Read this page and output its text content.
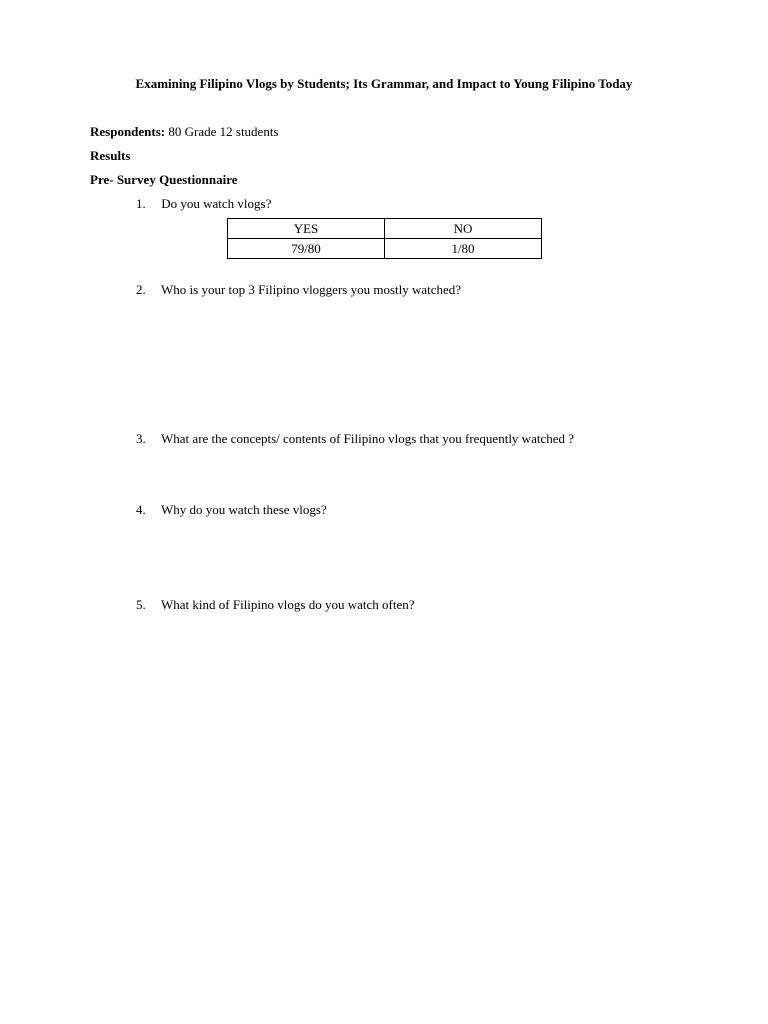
Examining Filipino Vlogs by Students; Its Grammar, and Impact to Young Filipino Today
Respondents: 80 Grade 12 students
Results
Pre- Survey Questionnaire
1. Do you watch vlogs?
YES	NO
79/80	1/80
2. Who is your top 3 Filipino vloggers you mostly watched?
3. What are the concepts/ contents of Filipino vlogs that you frequently watched ?
4. Why do you watch these vlogs?
5. What kind of Filipino vlogs do you watch often?
